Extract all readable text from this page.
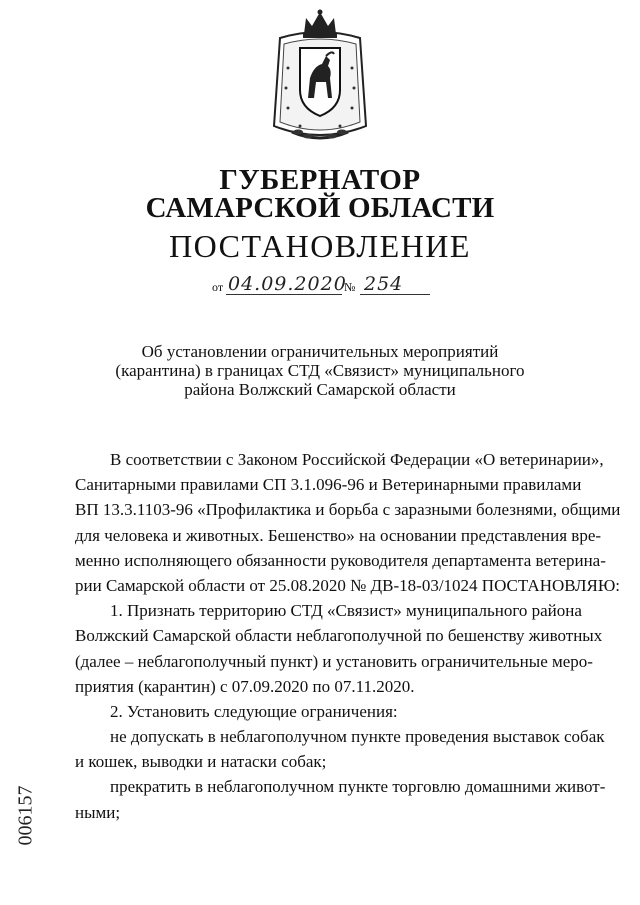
ГУБЕРНАТОР
САМАРСКОЙ ОБЛАСТИ
ПОСТАНОВЛЕНИЕ
от 04.09.2020
№ 254
Об установлении ограничительных мероприятий
(карантина) в границах СТД «Связист» муниципального
района Волжский Самарской области
В соответствии с Законом Российской Федерации «О ветеринарии»,
Санитарными правилами СП 3.1.096-96 и Ветеринарными правилами
ВП 13.3.1103-96 «Профилактика и борьба с заразными болезнями, общими
для человека и животных. Бешенство» на основании представления вре-
менно исполняющего обязанности руководителя департамента ветерина-
рии Самарской области от 25.08.2020 № ДВ-18-03/1024 ПОСТАНОВЛЯЮ:
1. Признать территорию СТД «Связист» муниципального района
Волжский Самарской области неблагополучной по бешенству животных
(далее – неблагополучный пункт) и установить ограничительные меро-
приятия (карантин) с 07.09.2020 по 07.11.2020.
2. Установить следующие ограничения:
не допускать в неблагополучном пункте проведения выставок собак
и кошек, выводки и натаски собак;
прекратить в неблагополучном пункте торговлю домашними живот-
ными;
006157
